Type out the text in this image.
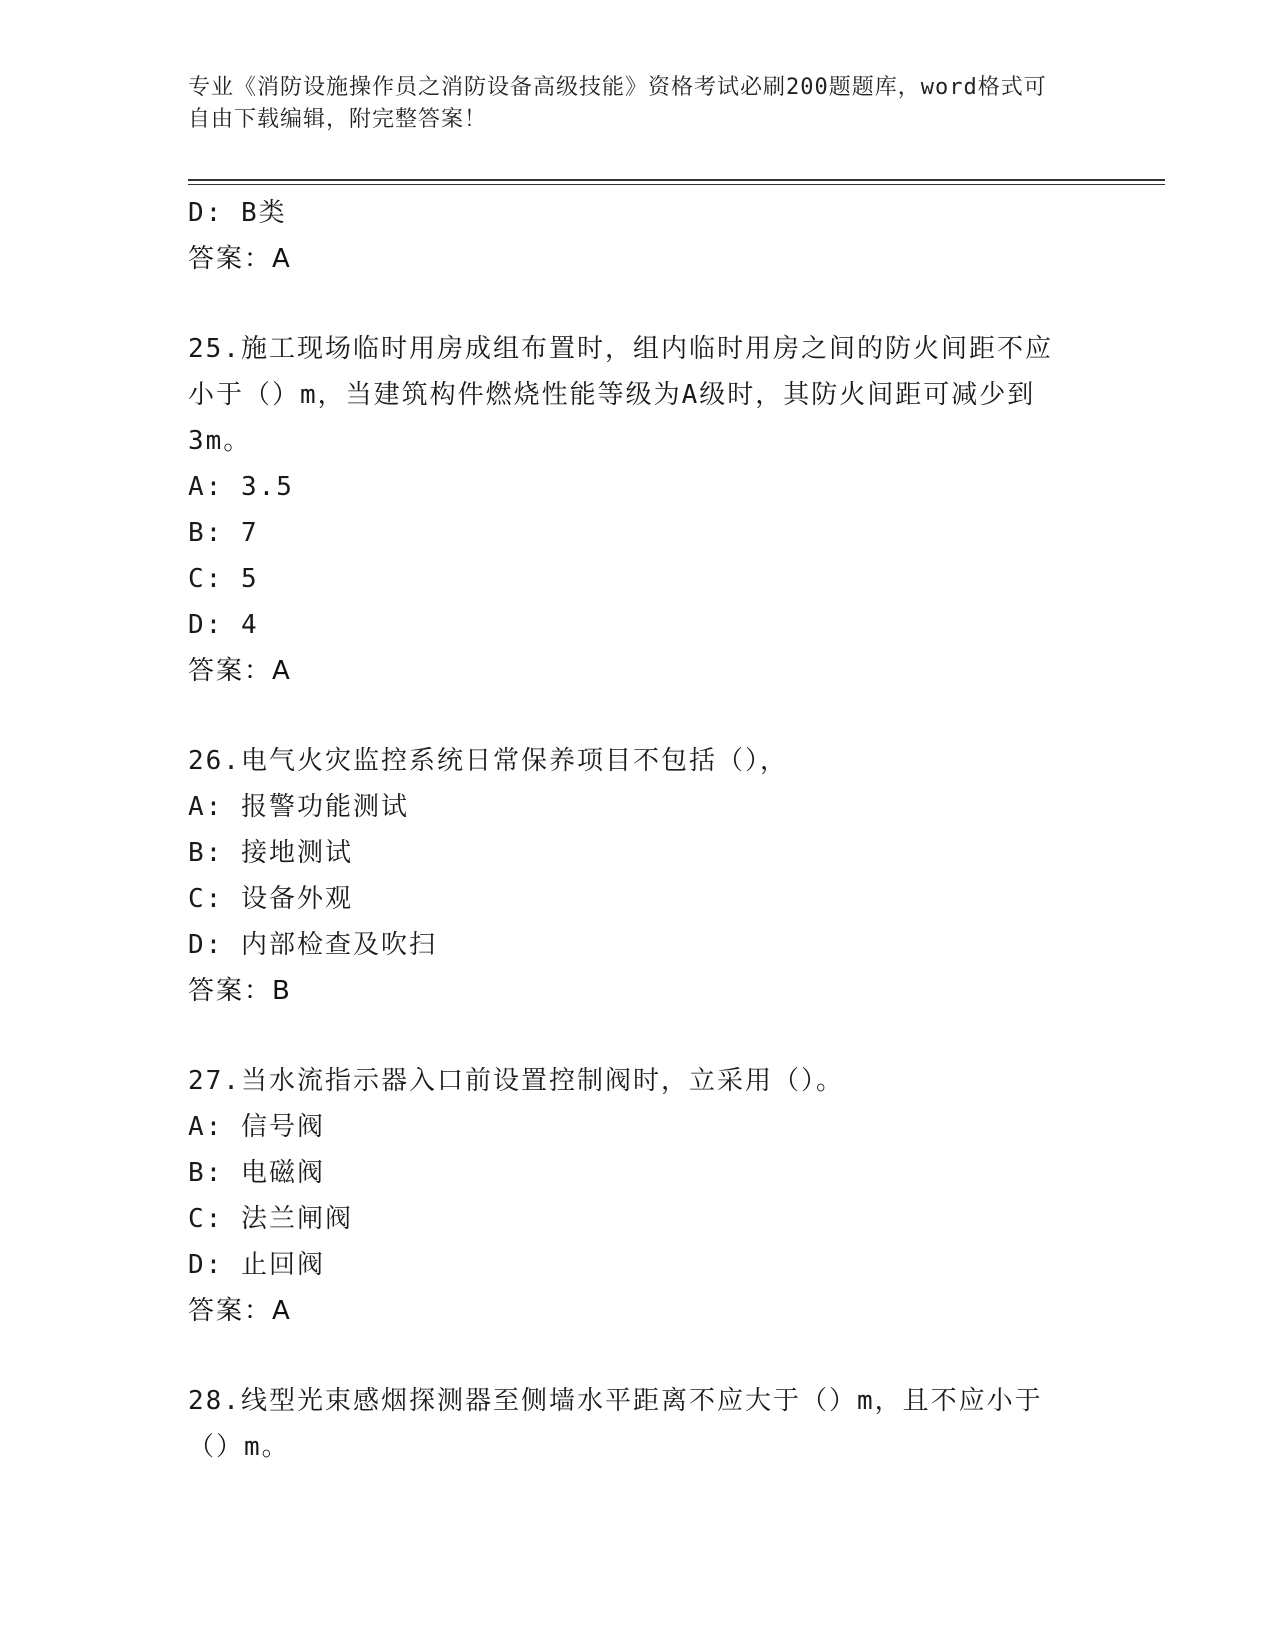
专业《消防设施操作员之消防设备高级技能》资格考试必刷200题题库，word格式可自由下载编辑，附完整答案！
D: B类
答案：A
25.施工现场临时用房成组布置时，组内临时用房之间的防火间距不应
小于（）m，当建筑构件燃烧性能等级为A级时，其防火间距可减少到
3m。
A: 3.5
B: 7
C: 5
D: 4
答案：A
26.电气火灾监控系统日常保养项目不包括（），
A: 报警功能测试
B: 接地测试
C: 设备外观
D: 内部检查及吹扫
答案：B
27.当水流指示器入口前设置控制阀时，立采用（）。
A: 信号阀
B: 电磁阀
C: 法兰闸阀
D: 止回阀
答案：A
28.线型光束感烟探测器至侧墙水平距离不应大于（）m，且不应小于
（）m。
